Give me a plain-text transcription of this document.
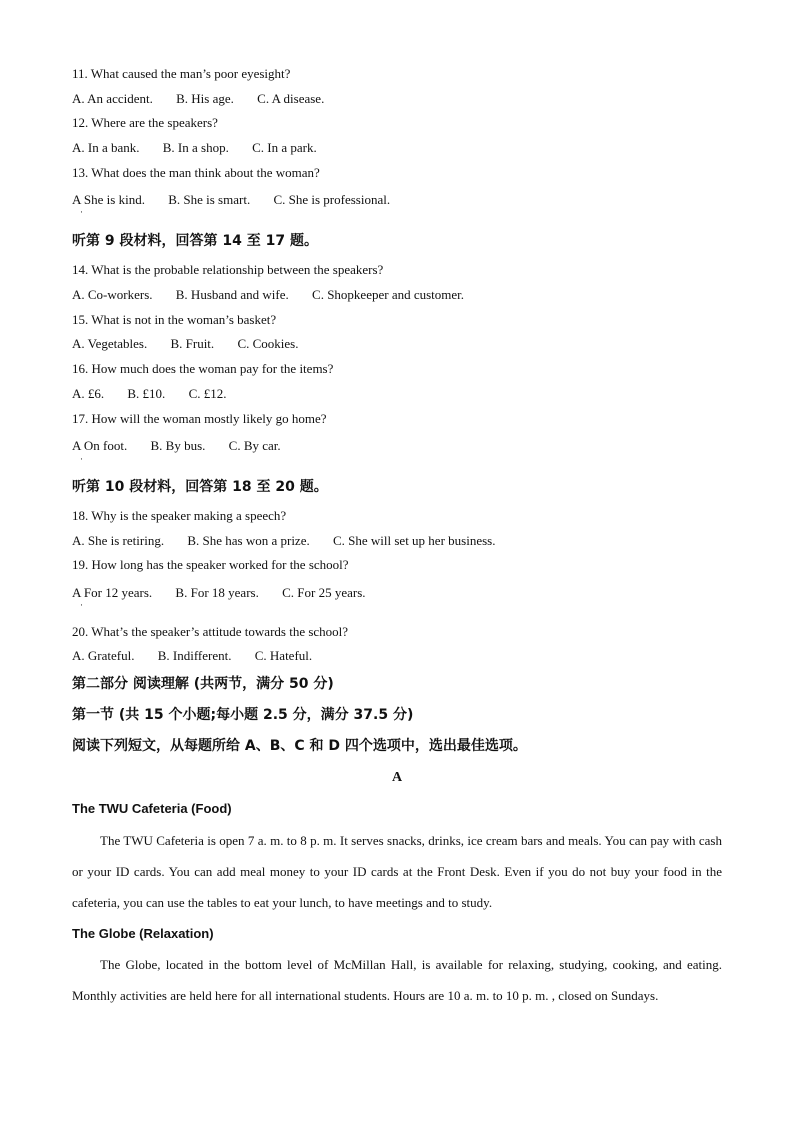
11. What caused the man’s poor eyesight?
A. An accident. B. His age. C. A disease.
12. Where are the speakers?
A. In a bank. B. In a shop. C. In a park.
13. What does the man think about the woman?
A She is kind. B. She is smart. C. She is professional.
·
听第 9 段材料，回答第 14 至 17 题。
14. What is the probable relationship between the speakers?
A. Co-workers. B. Husband and wife. C. Shopkeeper and customer.
15. What is not in the woman’s basket?
A. Vegetables. B. Fruit. C. Cookies.
16. How much does the woman pay for the items?
A. £6. B. £10. C. £12.
17. How will the woman mostly likely go home?
A On foot. B. By bus. C. By car.
·
听第 10 段材料，回答第 18 至 20 题。
18. Why is the speaker making a speech?
A. She is retiring. B. She has won a prize. C. She will set up her business.
19. How long has the speaker worked for the school?
A For 12 years. B. For 18 years. C. For 25 years.
·
20. What’s the speaker’s attitude towards the school?
A. Grateful. B. Indifferent. C. Hateful.
第二部分 阅读理解 (共两节，满分 50 分)
第一节 (共 15 个小题;每小题 2.5 分，满分 37.5 分)
阅读下列短文，从每题所给 A、B、C 和 D 四个选项中，选出最佳选项。
A
The TWU Cafeteria (Food)
The TWU Cafeteria is open 7 a. m. to 8 p. m. It serves snacks, drinks, ice cream bars and meals. You can pay with cash or your ID cards. You can add meal money to your ID cards at the Front Desk. Even if you do not buy your food in the cafeteria, you can use the tables to eat your lunch, to have meetings and to study.
The Globe (Relaxation)
The Globe, located in the bottom level of McMillan Hall, is available for relaxing, studying, cooking, and eating. Monthly activities are held here for all international students. Hours are 10 a. m. to 10 p. m. , closed on Sundays.
